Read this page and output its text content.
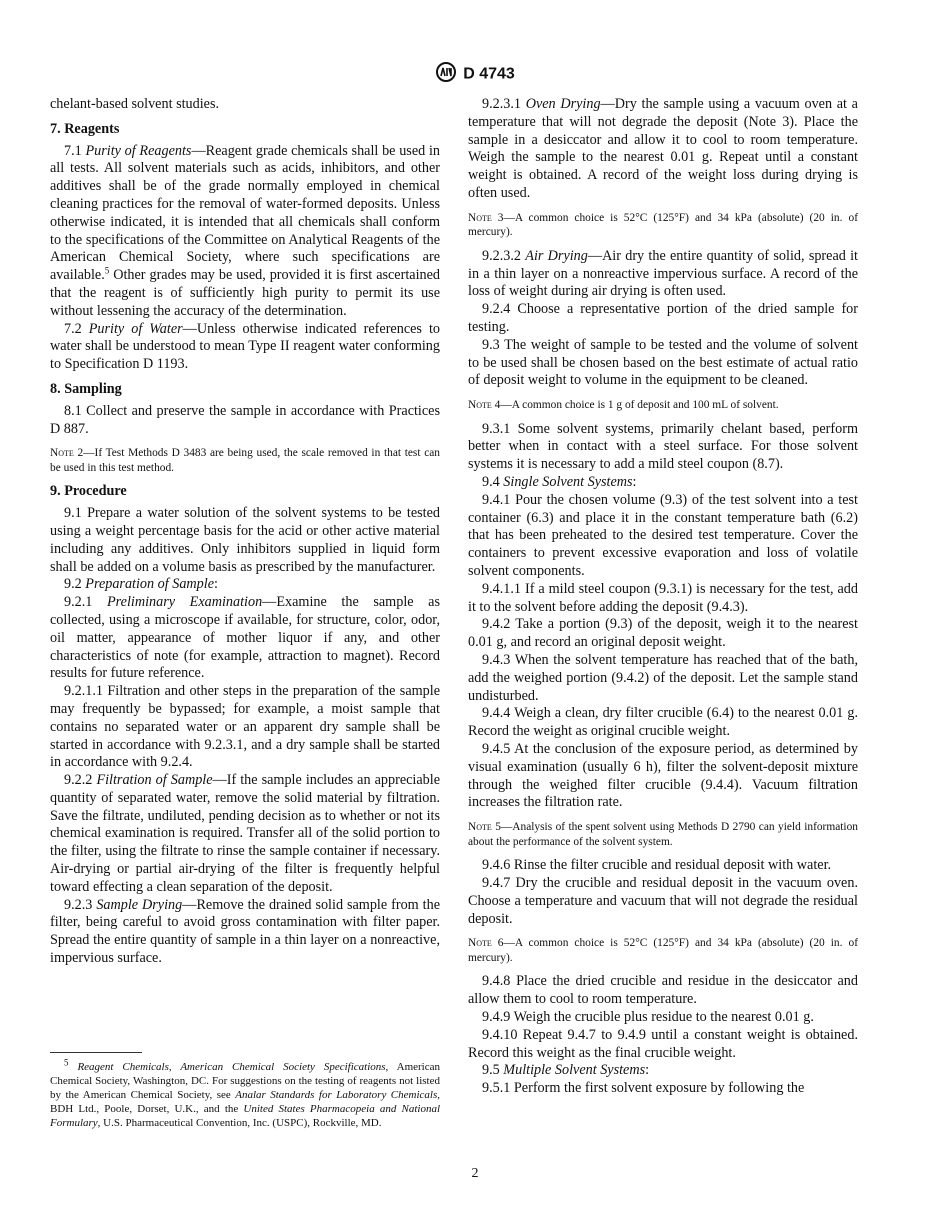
D 4743

chelant-based solvent studies.

7. Reagents

7.1 Purity of Reagents—Reagent grade chemicals shall be used in all tests. All solvent materials such as acids, inhibitors, and other additives shall be of the grade normally employed in chemical cleaning practices for the removal of water-formed deposits. Unless otherwise indicated, it is intended that all chemicals shall conform to the specifications of the Committee on Analytical Reagents of the American Chemical Society, where such specifications are available.$^5$ Other grades may be used, provided it is first ascertained that the reagent is of sufficiently high purity to permit its use without lessening the accuracy of the determination.

7.2 Purity of Water—Unless otherwise indicated references to water shall be understood to mean Type II reagent water conforming to Specification D 1193.

8. Sampling

8.1 Collect and preserve the sample in accordance with Practices D 887.

Note 2—If Test Methods D 3483 are being used, the scale removed in that test can be used in this test method.

9. Procedure

9.1 Prepare a water solution of the solvent systems to be tested using a weight percentage basis for the acid or other active material including any additives. Only inhibitors supplied in liquid form shall be added on a volume basis as prescribed by the manufacturer.

9.2 Preparation of Sample:

9.2.1 Preliminary Examination—Examine the sample as collected, using a microscope if available, for structure, color, odor, oil matter, appearance of mother liquor if any, and other characteristics of note (for example, attraction to magnet). Record results for future reference.

9.2.1.1 Filtration and other steps in the preparation of the sample may frequently be bypassed; for example, a moist sample that contains no separated water or an apparent dry sample shall be started in accordance with 9.2.3.1, and a dry sample shall be started in accordance with 9.2.4.

9.2.2 Filtration of Sample—If the sample includes an appreciable quantity of separated water, remove the solid material by filtration. Save the filtrate, undiluted, pending decision as to whether or not its chemical examination is required. Transfer all of the solid portion to the filter, using the filtrate to rinse the sample container if necessary. Air-drying or partial air-drying of the filter is frequently helpful toward effecting a clean separation of the deposit.

9.2.3 Sample Drying—Remove the drained solid sample from the filter, being careful to avoid gross contamination with filter paper. Spread the entire quantity of sample in a thin layer on a nonreactive, impervious surface.

$^5$ Reagent Chemicals, American Chemical Society Specifications, American Chemical Society, Washington, DC. For suggestions on the testing of reagents not listed by the American Chemical Society, see Analar Standards for Laboratory Chemicals, BDH Ltd., Poole, Dorset, U.K., and the United States Pharmacopeia and National Formulary, U.S. Pharmaceutical Convention, Inc. (USPC), Rockville, MD.

9.2.3.1 Oven Drying—Dry the sample using a vacuum oven at a temperature that will not degrade the deposit (Note 3). Place the sample in a desiccator and allow it to cool to room temperature. Weigh the sample to the nearest 0.01 g. Repeat until a constant weight is obtained. A record of the weight loss during drying is often used.

Note 3—A common choice is 52°C (125°F) and 34 kPa (absolute) (20 in. of mercury).

9.2.3.2 Air Drying—Air dry the entire quantity of solid, spread it in a thin layer on a nonreactive impervious surface. A record of the loss of weight during air drying is often used.

9.2.4 Choose a representative portion of the dried sample for testing.

9.3 The weight of sample to be tested and the volume of solvent to be used shall be chosen based on the best estimate of actual ratio of deposit weight to volume in the equipment to be cleaned.

Note 4—A common choice is 1 g of deposit and 100 mL of solvent.

9.3.1 Some solvent systems, primarily chelant based, perform better when in contact with a steel surface. For those solvent systems it is necessary to add a mild steel coupon (8.7).

9.4 Single Solvent Systems:

9.4.1 Pour the chosen volume (9.3) of the test solvent into a test container (6.3) and place it in the constant temperature bath (6.2) that has been preheated to the desired test temperature. Cover the containers to prevent excessive evaporation and loss of volatile solvent components.

9.4.1.1 If a mild steel coupon (9.3.1) is necessary for the test, add it to the solvent before adding the deposit (9.4.3).

9.4.2 Take a portion (9.3) of the deposit, weigh it to the nearest 0.01 g, and record an original deposit weight.

9.4.3 When the solvent temperature has reached that of the bath, add the weighed portion (9.4.2) of the deposit. Let the sample stand undisturbed.

9.4.4 Weigh a clean, dry filter crucible (6.4) to the nearest 0.01 g. Record the weight as original crucible weight.

9.4.5 At the conclusion of the exposure period, as determined by visual examination (usually 6 h), filter the solvent-deposit mixture through the weighed filter crucible (9.4.4). Vacuum filtration increases the filtration rate.

Note 5—Analysis of the spent solvent using Methods D 2790 can yield information about the performance of the solvent system.

9.4.6 Rinse the filter crucible and residual deposit with water.

9.4.7 Dry the crucible and residual deposit in the vacuum oven. Choose a temperature and vacuum that will not degrade the residual deposit.

Note 6—A common choice is 52°C (125°F) and 34 kPa (absolute) (20 in. of mercury).

9.4.8 Place the dried crucible and residue in the desiccator and allow them to cool to room temperature.

9.4.9 Weigh the crucible plus residue to the nearest 0.01 g.

9.4.10 Repeat 9.4.7 to 9.4.9 until a constant weight is obtained. Record this weight as the final crucible weight.

9.5 Multiple Solvent Systems:

9.5.1 Perform the first solvent exposure by following the

2
